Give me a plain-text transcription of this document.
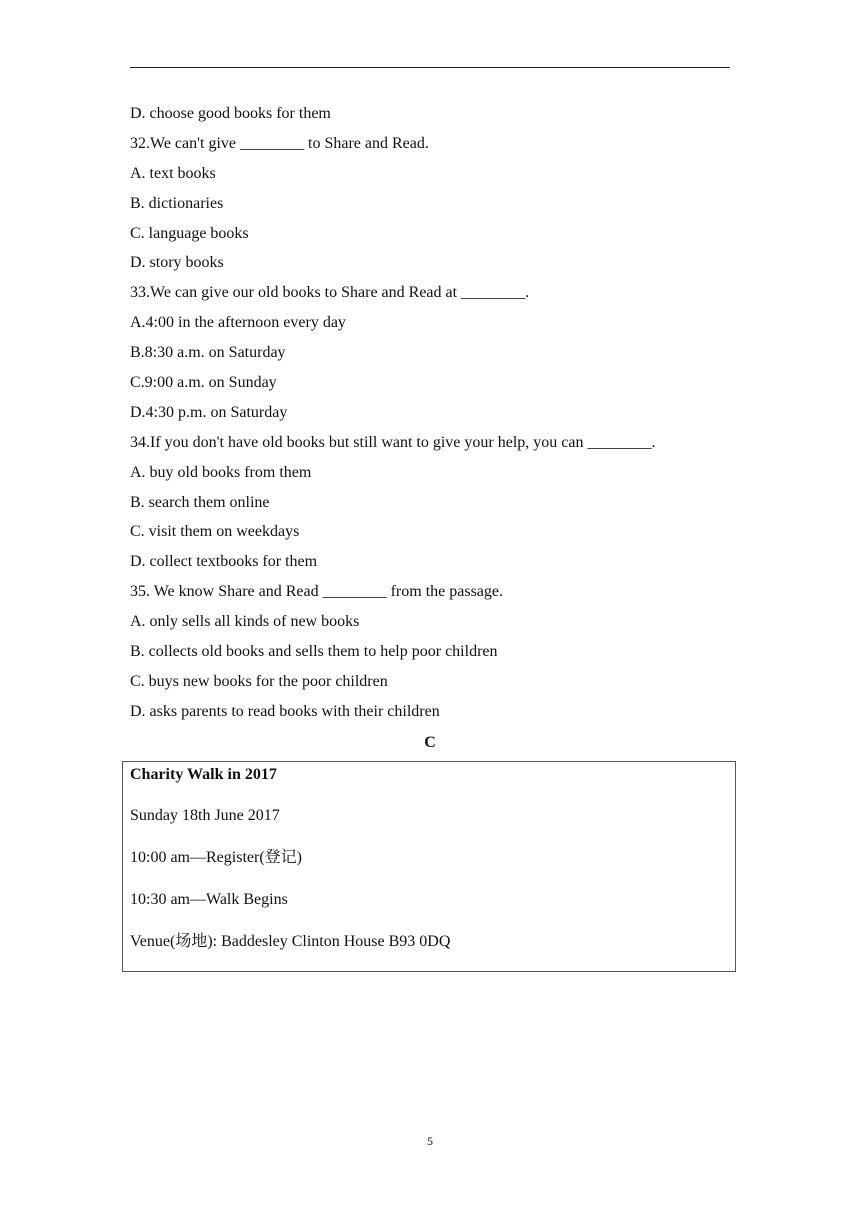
D. choose good books for them
32.We can't give ________ to Share and Read.
A. text books
B. dictionaries
C. language books
D. story books
33.We can give our old books to Share and Read at ________.
A.4:00 in the afternoon every day
B.8:30 a.m. on Saturday
C.9:00 a.m. on Sunday
D.4:30 p.m. on Saturday
34.If you don't have old books but still want to give your help, you can ________.
A. buy old books from them
B. search them online
C. visit them on weekdays
D. collect textbooks for them
35. We know Share and Read ________ from the passage.
A. only sells all kinds of new books
B. collects old books and sells them to help poor children
C. buys new books for the poor children
D. asks parents to read books with their children
C
Charity Walk in 2017
Sunday 18th June 2017
10:00 am—Register(登记)
10:30 am—Walk Begins
Venue(场地): Baddesley Clinton House B93 0DQ
5
